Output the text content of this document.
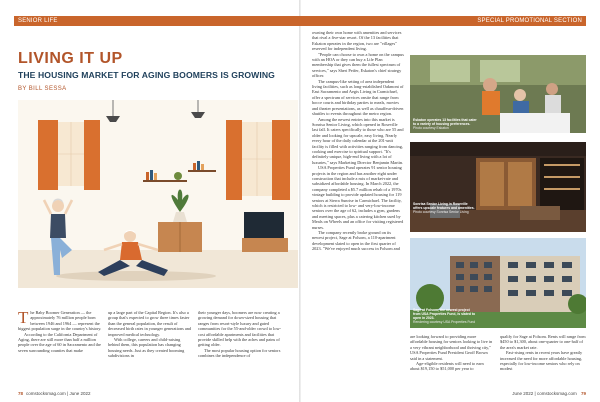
SENIOR LIFE	SPECIAL PROMOTIONAL SECTION
LIVING IT UP
THE HOUSING MARKET FOR AGING BOOMERS IS GROWING
BY BILL SESSA
T he Baby Boomer Generation — the approximately 76 million people born between 1946 and 1964 — represent the biggest population surge in the country's history.

According to the California Department of Aging, there are still more than half a million people over the age of 60 in Sacramento and the seven surrounding counties that make

up a large part of the Capital Region. It's also a group that's expected to grow three times faster than the general population, the result of decreased birth rates in younger generations and improved medical technology.

With college, careers and child-raising behind them, this population has changing housing needs. Just as they created booming subdivisions in

their younger days, boomers are now creating a growing demand for down-sized housing that ranges from resort-style luxury and gated communities for the 55-and-older crowd to low-cost affordable apartments and facilities that provide skilled help with the aches and pains of getting older.

The most popular housing option for seniors combines the independence of

owning their own home with amenities and services that rival a five-star resort. Of the 13 facilities that Eskaton operates in the region, two are "villages" reserved for independent living.

"People can choose to own a home on the campus with an HOA or they can buy a Life Plan membership that gives them the fullest spectrum of services," says Sheri Peifer, Eskaton's chief strategy officer.

The campus-like setting of area independent living facilities, such as long-established Oakmont of East Sacramento and Aegis Living in Carmichael, offer a spectrum of services onsite that range from bocce courts and birthday parties to meals, movies and theater presentations, as well as chauffeur-driven shuttles to events throughout the metro region.

Among the newest entries into this market is Sonrisa Senior Living, which opened in Roseville last fall. It caters specifically to those who are 55 and older and looking for upscale, easy living. Nearly every hour of the daily calendar at the 201-unit facility is filled with activities ranging from dancing, cooking and exercise to spiritual support. "It's definitely unique, high-end living with a lot of luxuries," says Marketing Director Benjamin Martin.

USA Properties Fund operates 91 senior housing projects in the region and has another eight under construction that include a mix of market-rate and subsidized affordable housing. In March 2022, the company completed a $5.7 million rehab of a 1970s vintage building to provide updated housing for 119 seniors at Sierra Sunrise in Carmichael. The facility, which is restricted to low- and very-low-income seniors over the age of 62, includes a gym, gardens and meeting spaces, plus a catering kitchen used by Meals on Wheels and an office for visiting registered nurses.

The company recently broke ground on its newest project, Sage at Folsom, a 110-apartment development slated to open in the first quarter of 2023. "We've enjoyed much success in Folsom and

Eskaton operates 13 facilities that cater to a variety of housing preferences.
Photo courtesy Eskaton
Sonrisa Senior Living in Roseville offers upscale features and amenities.
Photo courtesy Sonrisa Senior Living
Sage at Folsom, the newest project from USA Properties Fund, is slated to open in 2023.
Rendering courtesy USA Properties Fund

are looking forward to providing more affordable housing for seniors looking to live in a very vibrant neighborhood and thriving city," USA Properties Fund President Geoff Brown said in a statement.

Age-eligible residents will need to earn about $19,150 to $51,000 per year to

qualify for Sage at Folsom. Rents will range from $450 to $1,300, about one-quarter to one-half of the area's market rate.

Fast-rising rents in recent years have greatly increased the need for more affordable housing, especially for low-income seniors who rely on modest

78 comstocksmag.com | June 2022	June 2022 | comstocksmag.com 79
